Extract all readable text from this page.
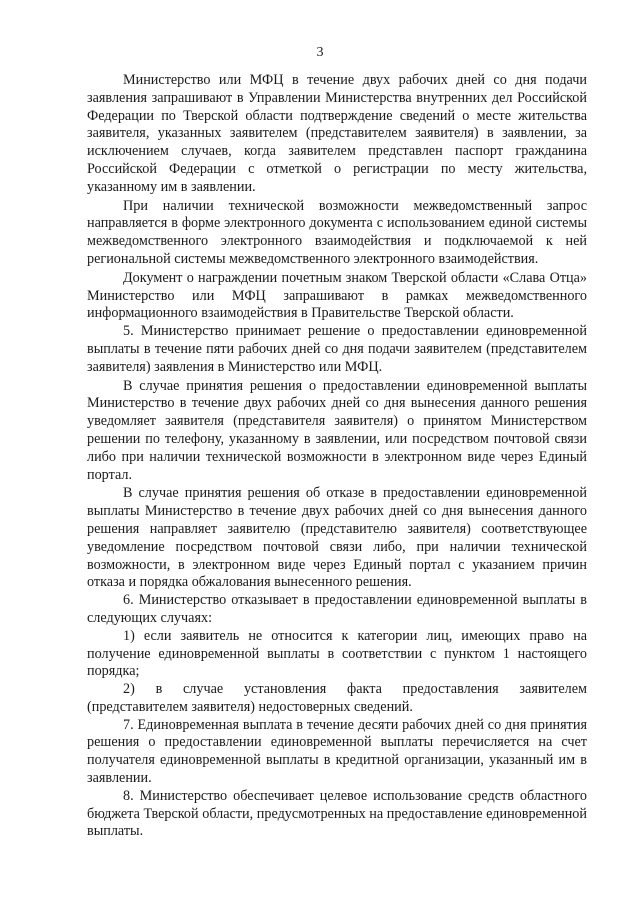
3

Министерство или МФЦ в течение двух рабочих дней со дня подачи заявления запрашивают в Управлении Министерства внутренних дел Российской Федерации по Тверской области подтверждение сведений о месте жительства заявителя, указанных заявителем (представителем заявителя) в заявлении, за исключением случаев, когда заявителем представлен паспорт гражданина Российской Федерации с отметкой о регистрации по месту жительства, указанному им в заявлении.

При наличии технической возможности межведомственный запрос направляется в форме электронного документа с использованием единой системы межведомственного электронного взаимодействия и подключаемой к ней региональной системы межведомственного электронного взаимодействия.

Документ о награждении почетным знаком Тверской области «Слава Отца» Министерство или МФЦ запрашивают в рамках межведомственного информационного взаимодействия в Правительстве Тверской области.

5. Министерство принимает решение о предоставлении единовременной выплаты в течение пяти рабочих дней со дня подачи заявителем (представителем заявителя) заявления в Министерство или МФЦ.

В случае принятия решения о предоставлении единовременной выплаты Министерство в течение двух рабочих дней со дня вынесения данного решения уведомляет заявителя (представителя заявителя) о принятом Министерством решении по телефону, указанному в заявлении, или посредством почтовой связи либо при наличии технической возможности в электронном виде через Единый портал.

В случае принятия решения об отказе в предоставлении единовременной выплаты Министерство в течение двух рабочих дней со дня вынесения данного решения направляет заявителю (представителю заявителя) соответствующее уведомление посредством почтовой связи либо, при наличии технической возможности, в электронном виде через Единый портал с указанием причин отказа и порядка обжалования вынесенного решения.

6. Министерство отказывает в предоставлении единовременной выплаты в следующих случаях:

1) если заявитель не относится к категории лиц, имеющих право на получение единовременной выплаты в соответствии с пунктом 1 настоящего порядка;

2) в случае установления факта предоставления заявителем (представителем заявителя) недостоверных сведений.

7. Единовременная выплата в течение десяти рабочих дней со дня принятия решения о предоставлении единовременной выплаты перечисляется на счет получателя единовременной выплаты в кредитной организации, указанный им в заявлении.

8. Министерство обеспечивает целевое использование средств областного бюджета Тверской области, предусмотренных на предоставление единовременной выплаты.
